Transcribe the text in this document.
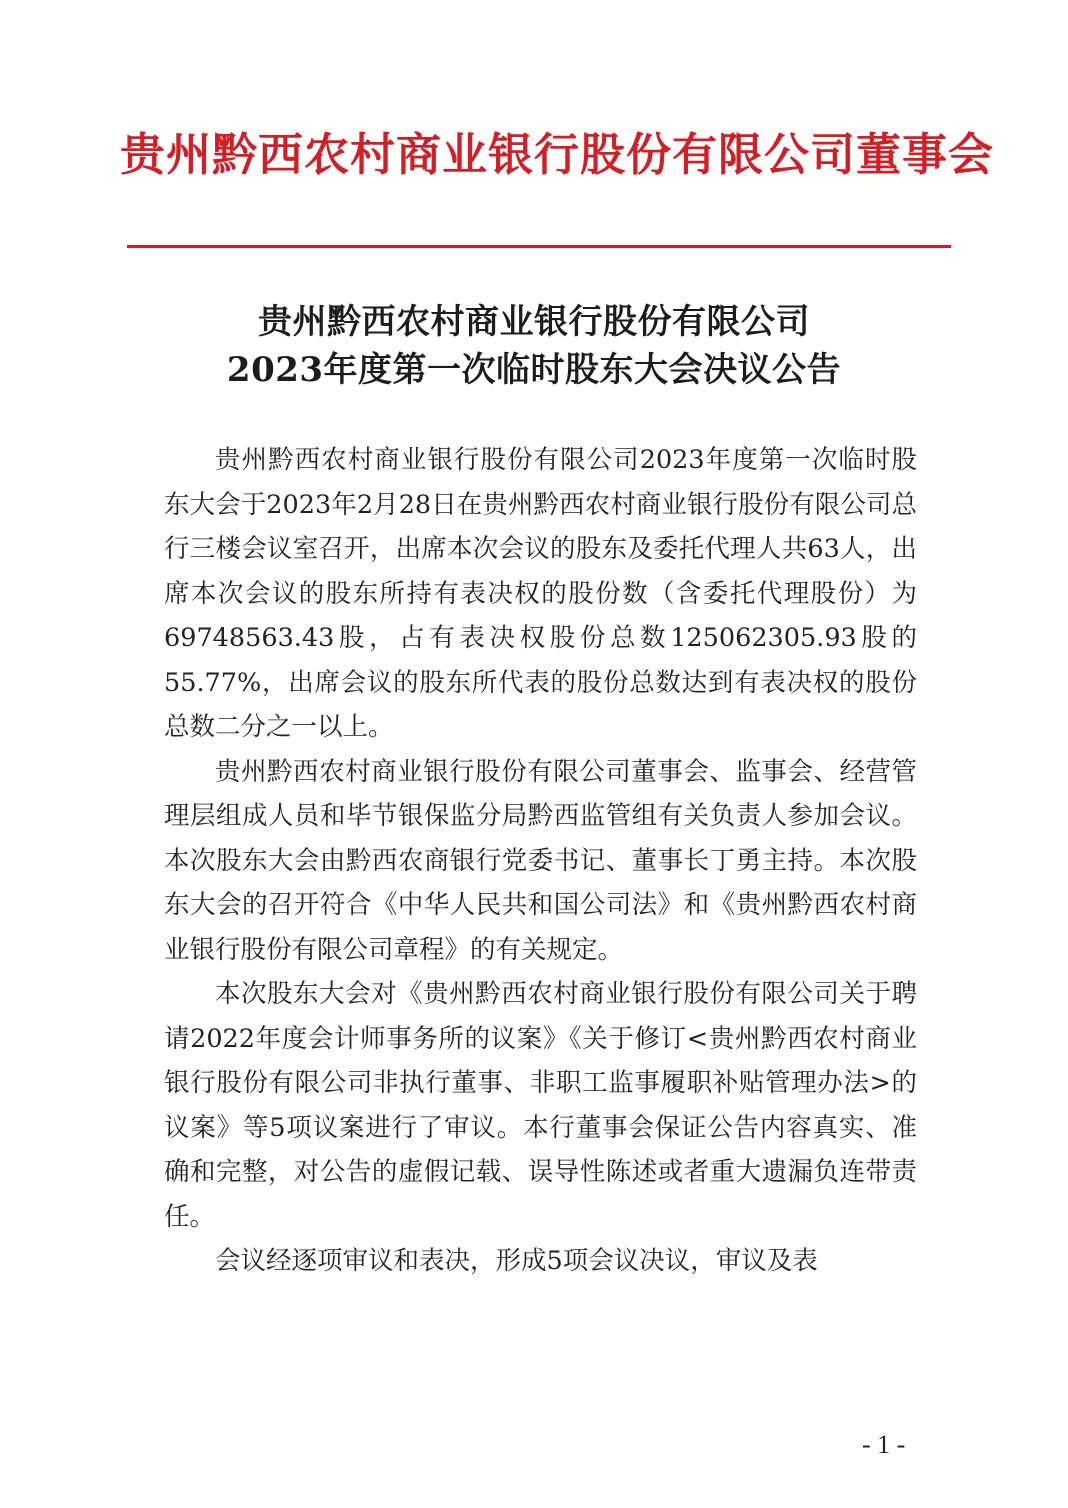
贵州黔西农村商业银行股份有限公司董事会
贵州黔西农村商业银行股份有限公司
2023年度第一次临时股东大会决议公告

贵州黔西农村商业银行股份有限公司2023年度第一次临时股东大会于2023年2月28日在贵州黔西农村商业银行股份有限公司总行三楼会议室召开，出席本次会议的股东及委托代理人共63人，出席本次会议的股东所持有表决权的股份数（含委托代理股份）为69748563.43股，占有表决权股份总数125062305.93股的55.77%，出席会议的股东所代表的股份总数达到有表决权的股份总数二分之一以上。

贵州黔西农村商业银行股份有限公司董事会、监事会、经营管理层组成人员和毕节银保监分局黔西监管组有关负责人参加会议。本次股东大会由黔西农商银行党委书记、董事长丁勇主持。本次股东大会的召开符合《中华人民共和国公司法》和《贵州黔西农村商业银行股份有限公司章程》的有关规定。

本次股东大会对《贵州黔西农村商业银行股份有限公司关于聘请2022年度会计师事务所的议案》《关于修订<贵州黔西农村商业银行股份有限公司非执行董事、非职工监事履职补贴管理办法>的议案》等5项议案进行了审议。本行董事会保证公告内容真实、准确和完整，对公告的虚假记载、误导性陈述或者重大遗漏负连带责任。

会议经逐项审议和表决，形成5项会议决议，审议及表

- 1 -
